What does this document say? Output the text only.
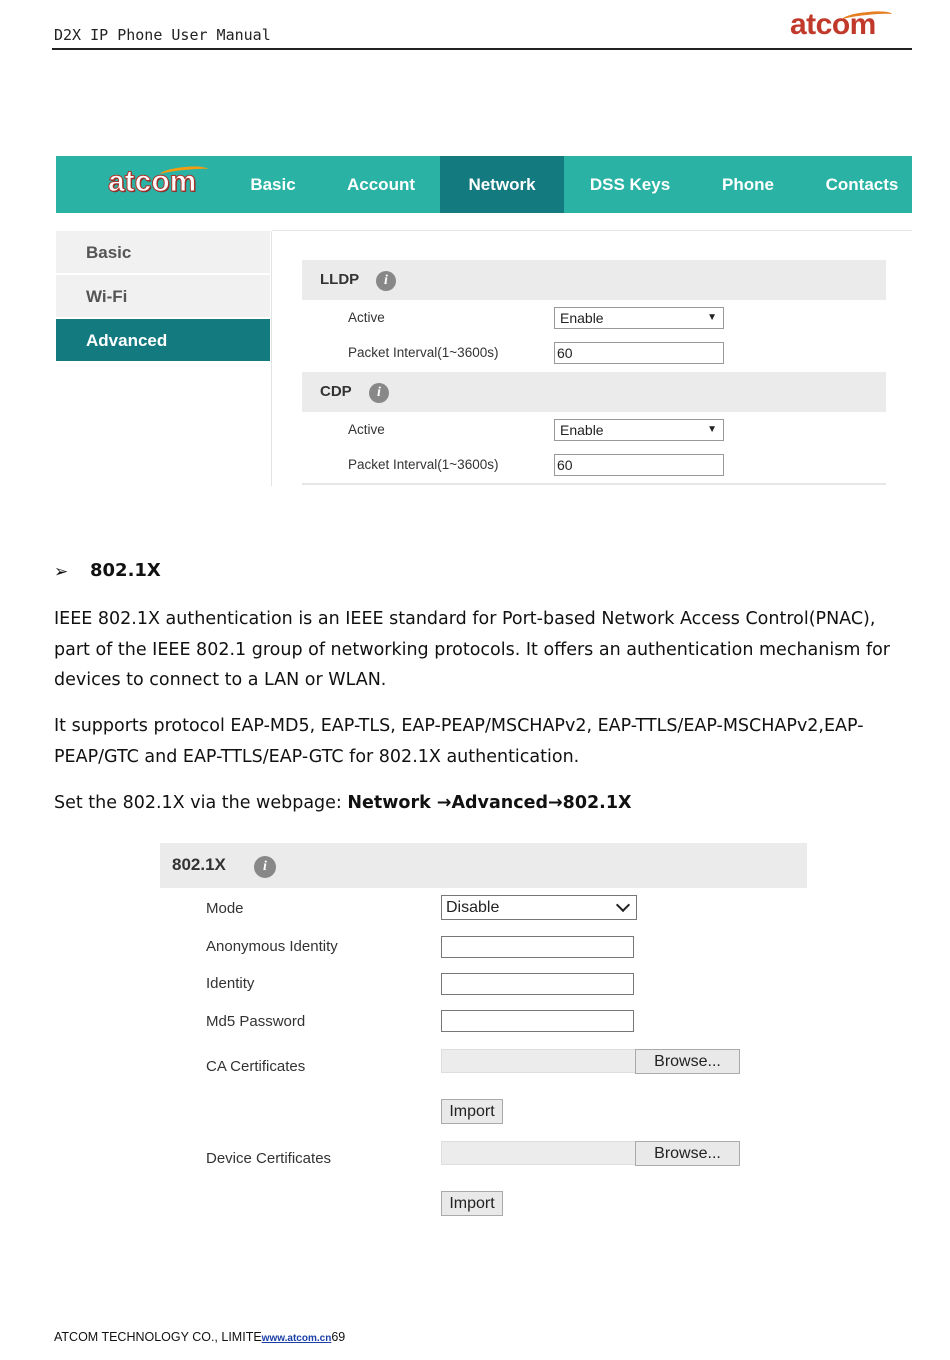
D2X IP Phone User Manual	atcom
atcom	Basic	Account	Network	DSS Keys	Phone	Contacts
Basic
Wi-Fi
Advanced
LLDP	i
Active	Enable	▼
Packet Interval(1~3600s)	60
CDP	i
Active	Enable	▼
Packet Interval(1~3600s)	60
➢ 802.1X

IEEE 802.1X authentication is an IEEE standard for Port-based Network Access Control(PNAC), part of the IEEE 802.1 group of networking protocols. It offers an authentication mechanism for devices to connect to a LAN or WLAN.

It supports protocol EAP-MD5, EAP-TLS, EAP-PEAP/MSCHAPv2, EAP-TTLS/EAP-MSCHAPv2,EAP-PEAP/GTC and EAP-TTLS/EAP-GTC for 802.1X authentication.

Set the 802.1X via the webpage: Network →Advanced→802.1X

802.1X	i
Mode	Disable
Anonymous Identity
Identity
Md5 Password
CA Certificates	Browse...
Import
Device Certificates	Browse...
Import
ATCOM TECHNOLOGY CO., LIMITEwww.atcom.cn69
